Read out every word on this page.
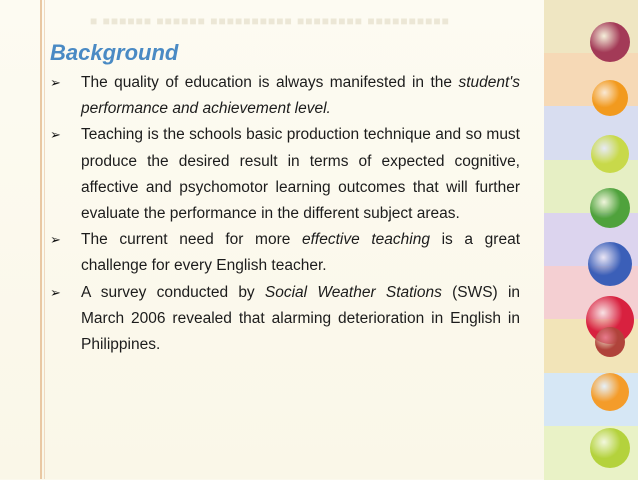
■ ■■■■■■ ■■■■■■ ■■■■■■■■■■ ■■■■■■■■ ■■■■■■■■■■
Background
➢ The quality of education is always manifested in the student's performance and achievement level.
➢ Teaching is the schools basic production technique and so must produce the desired result in terms of expected cognitive, affective and psychomotor learning outcomes that will further evaluate the performance in the different subject areas.
➢ The current need for more effective teaching is a great challenge for every English teacher.
➢ A survey conducted by Social Weather Stations (SWS) in March 2006 revealed that alarming deterioration in English in Philippines.
